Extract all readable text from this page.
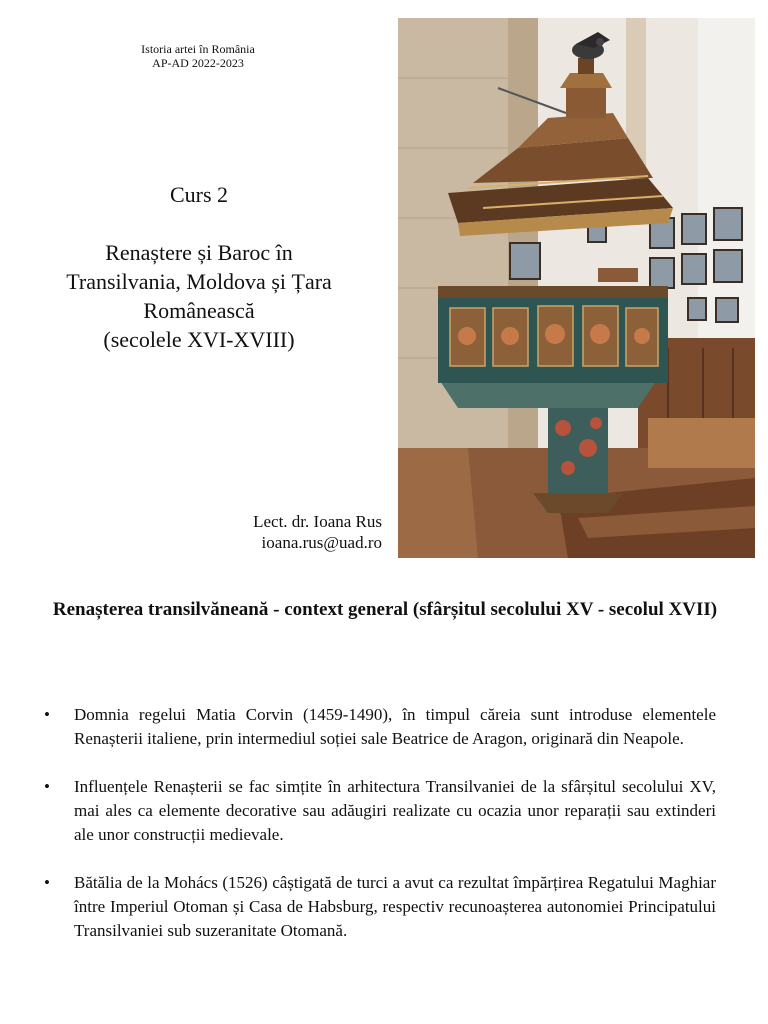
Istoria artei în România
AP-AD 2022-2023
Curs 2
Renaștere și Baroc în
Transilvania, Moldova și Țara
Românească
(secolele XVI-XVIII)
Lect. dr. Ioana Rus
ioana.rus@uad.ro
Renașterea transilvăneană - context general (sfârșitul secolului XV - secolul XVII)
• Domnia regelui Matia Corvin (1459-1490), în timpul căreia sunt introduse elementele Renașterii italiene, prin intermediul soției sale Beatrice de Aragon, originară din Neapole.
• Influențele Renașterii se fac simțite în arhitectura Transilvaniei de la sfârșitul secolului XV, mai ales ca elemente decorative sau adăugiri realizate cu ocazia unor reparații sau extinderi ale unor construcții medievale.
• Bătălia de la Mohács (1526) câștigată de turci a avut ca rezultat împărțirea Regatului Maghiar între Imperiul Otoman și Casa de Habsburg, respectiv recunoașterea autonomiei Principatului Transilvaniei sub suzeranitate Otomană.
